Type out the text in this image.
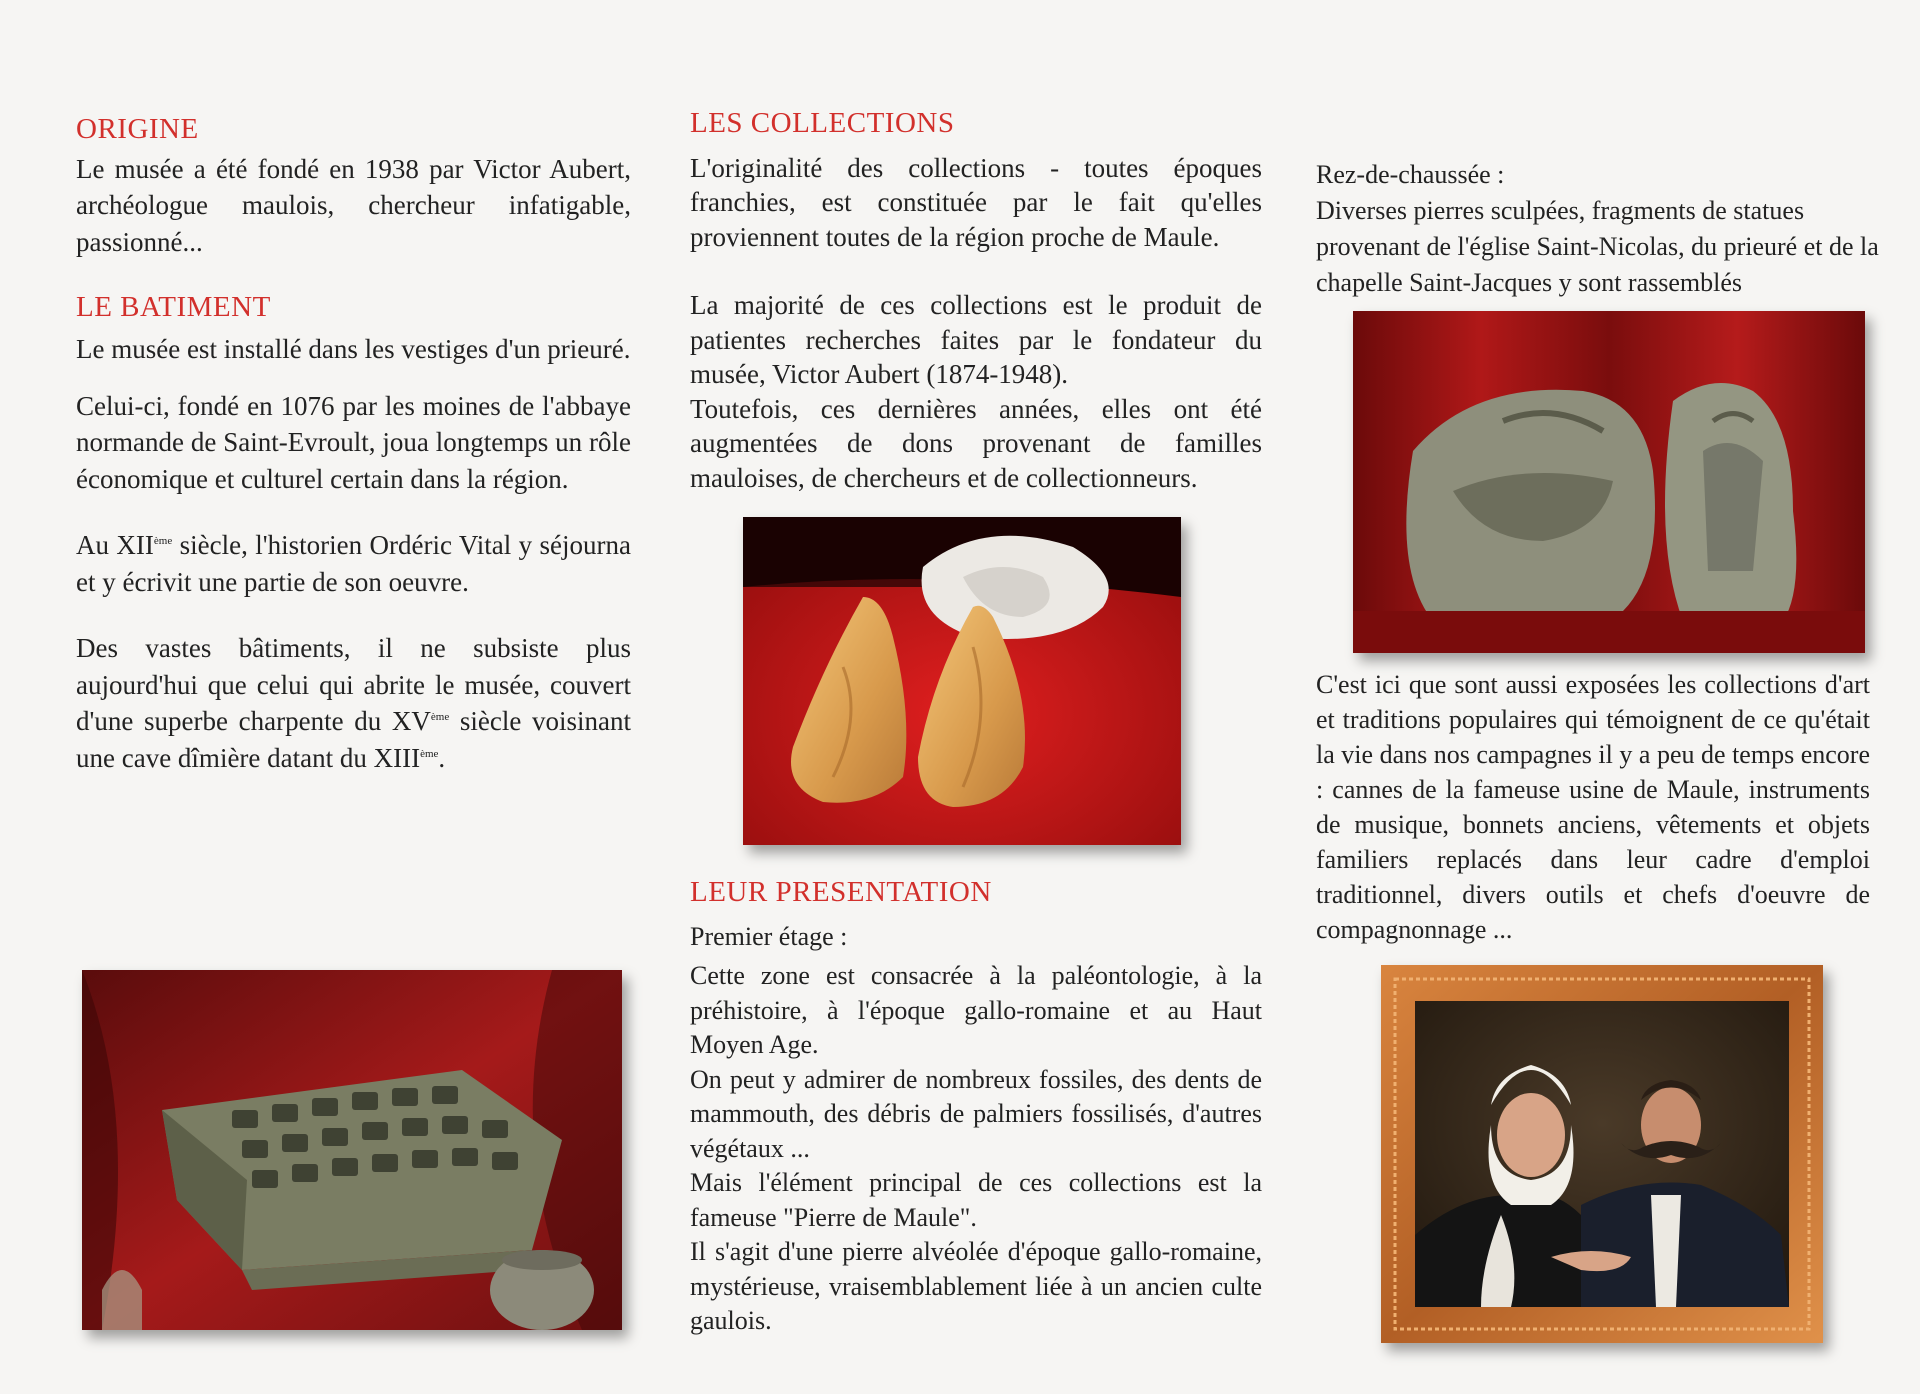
ORIGINE

Le musée a été fondé en 1938 par Victor Aubert, archéologue maulois, chercheur infatigable, passionné...

LE BATIMENT

Le musée est installé dans les vestiges d'un prieuré.

Celui-ci, fondé en 1076 par les moines de l'abbaye normande de Saint-Evroult, joua longtemps un rôle économique et culturel certain dans la région.

Au XIIème siècle, l'historien Ordéric Vital y séjourna et y écrivit une partie de son oeuvre.

Des vastes bâtiments, il ne subsiste plus aujourd'hui que celui qui abrite le musée, couvert d'une superbe charpente du XVème siècle voisinant une cave dîmière datant du XIIIème.

LES COLLECTIONS

L'originalité des collections - toutes époques franchies, est constituée par le fait qu'elles proviennent toutes de la région proche de Maule.

La majorité de ces collections est le produit de patientes recherches faites par le fondateur du musée, Victor Aubert (1874-1948).

Toutefois, ces dernières années, elles ont été augmentées de dons provenant de familles mauloises, de chercheurs et de collectionneurs.

LEUR PRESENTATION

Premier étage :

Cette zone est consacrée à la paléontologie, à la préhistoire, à l'époque gallo-romaine et au Haut Moyen Age.

On peut y admirer de nombreux fossiles, des dents de mammouth, des débris de palmiers fossilisés, d'autres végétaux ...

Mais l'élément principal de ces collections est la fameuse "Pierre de Maule".

Il s'agit d'une pierre alvéolée d'époque gallo-romaine, mystérieuse, vraisemblablement liée à un ancien culte gaulois.

Rez-de-chaussée :

Diverses pierres sculpées, fragments de statues provenant de l'église Saint-Nicolas, du prieuré et de la chapelle Saint-Jacques y sont rassemblés

C'est ici que sont aussi exposées les collections d'art et traditions populaires qui témoignent de ce qu'était la vie dans nos campagnes il y a peu de temps encore : cannes de la fameuse usine de Maule, instruments de musique, bonnets anciens, vêtements et objets familiers replacés dans leur cadre d'emploi traditionnel, divers outils et chefs d'oeuvre de compagnonnage ...
